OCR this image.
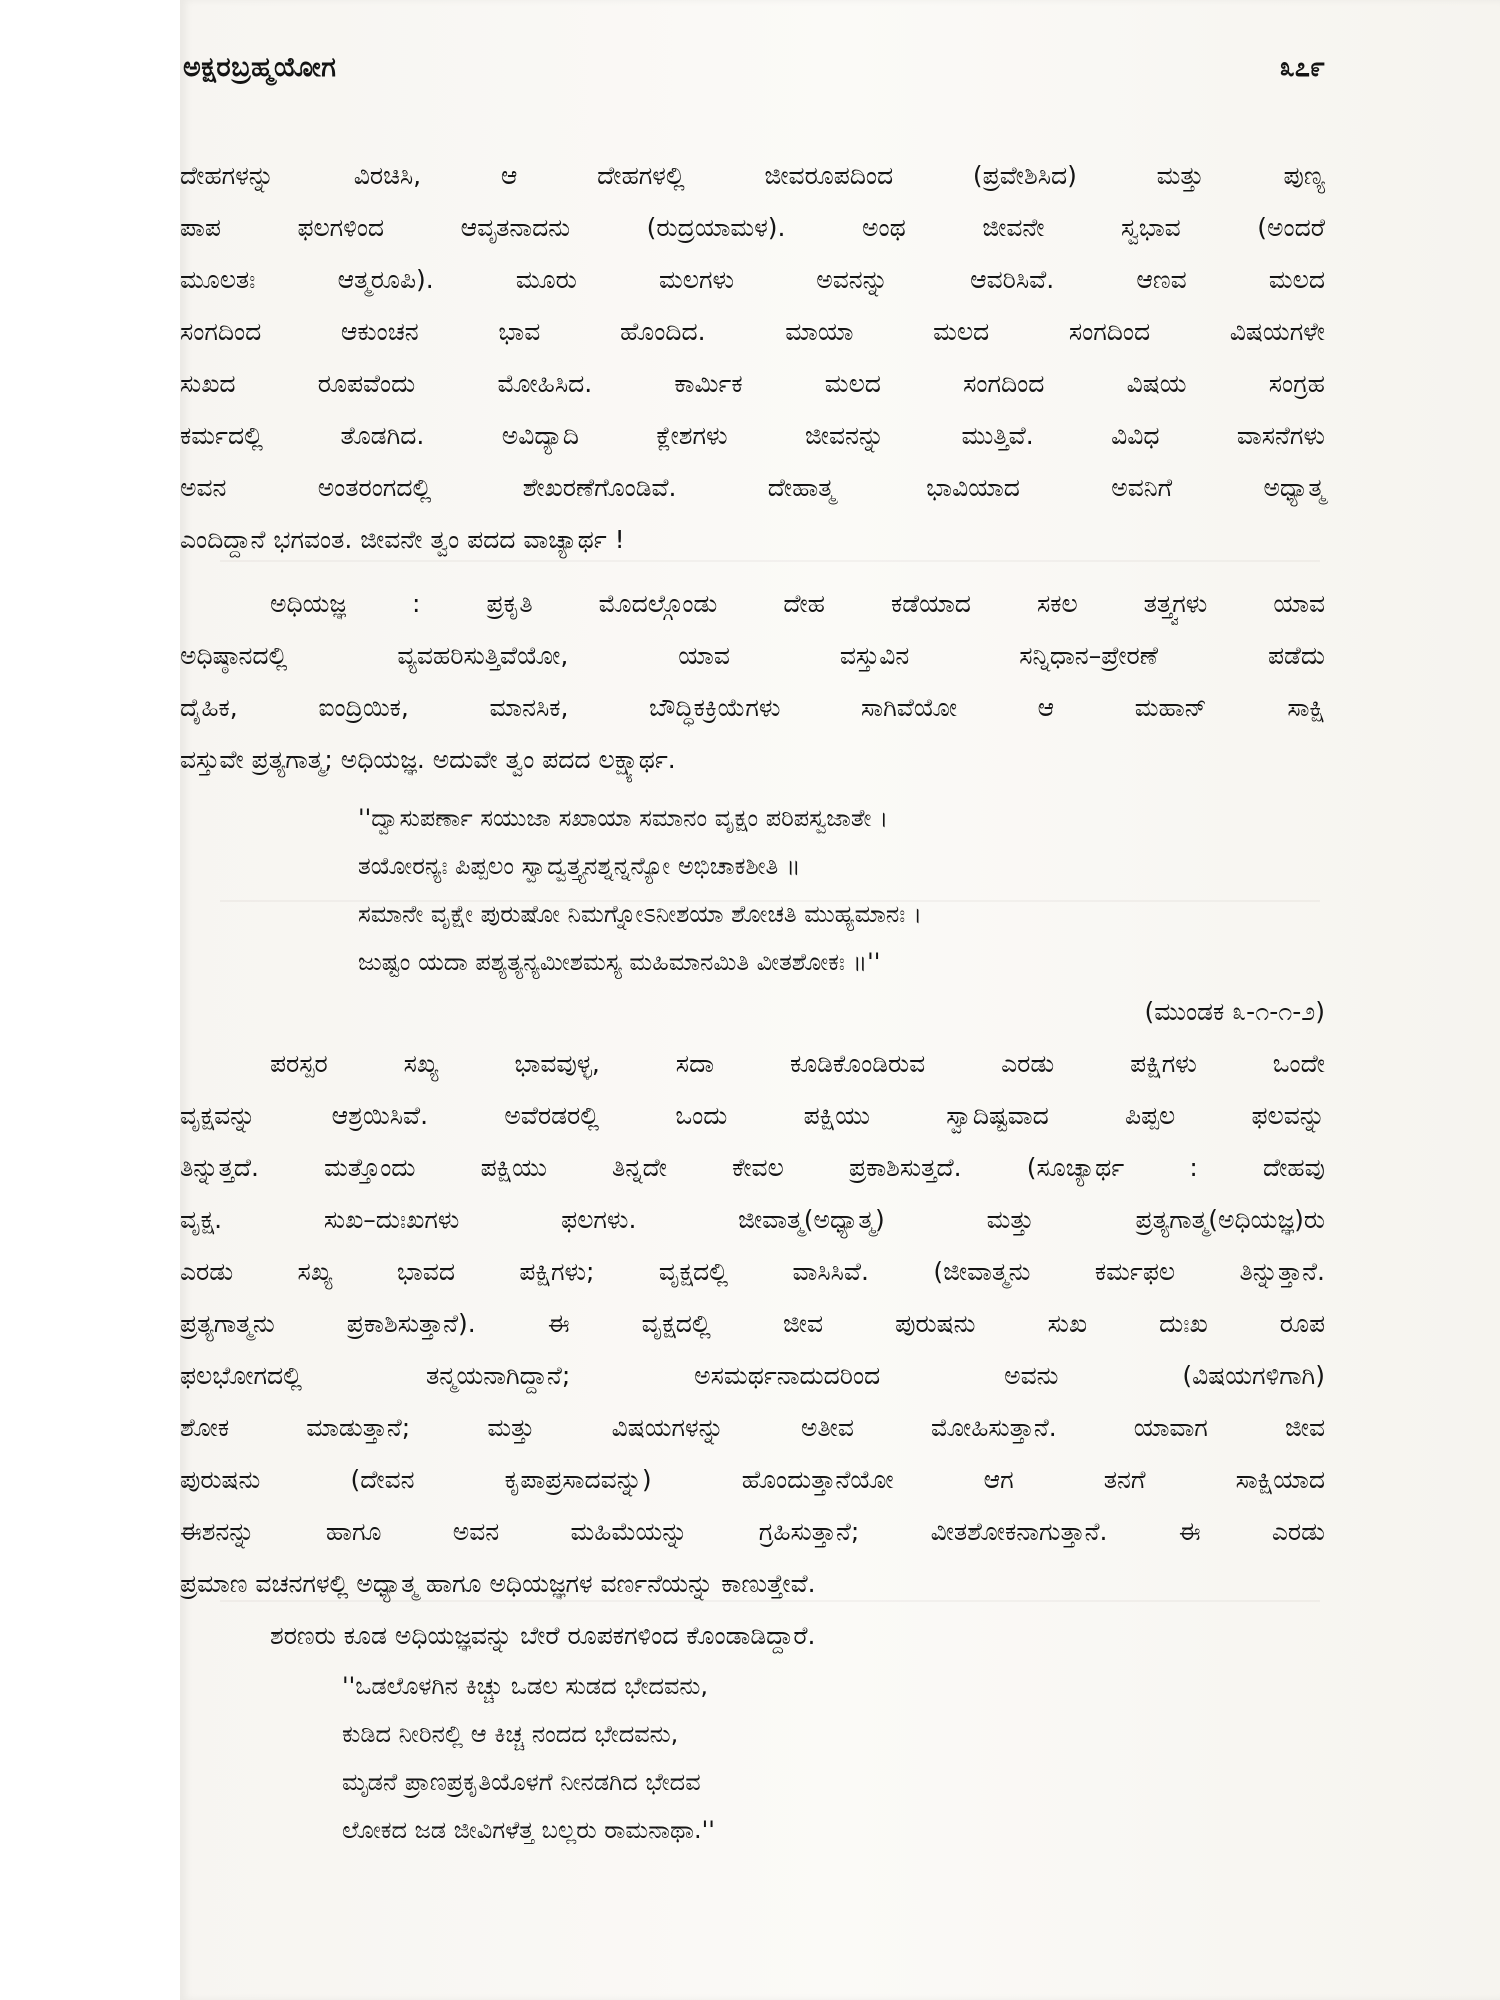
ಅಕ್ಷರಬ್ರಹ್ಮಯೋಗ	೩೭೯
ದೇಹಗಳನ್ನು ವಿರಚಿಸಿ, ಆ ದೇಹಗಳಲ್ಲಿ ಜೀವರೂಪದಿಂದ (ಪ್ರವೇಶಿಸಿದ) ಮತ್ತು ಪುಣ್ಯ
ಪಾಪ ಫಲಗಳಿಂದ ಆವೃತನಾದನು (ರುದ್ರಯಾಮಳ). ಅಂಥ ಜೀವನೇ ಸ್ವಭಾವ (ಅಂದರೆ
ಮೂಲತಃ ಆತ್ಮರೂಪಿ). ಮೂರು ಮಲಗಳು ಅವನನ್ನು ಆವರಿಸಿವೆ. ಆಣವ ಮಲದ
ಸಂಗದಿಂದ ಆಕುಂಚನ ಭಾವ ಹೊಂದಿದ. ಮಾಯಾ ಮಲದ ಸಂಗದಿಂದ ವಿಷಯಗಳೇ
ಸುಖದ ರೂಪವೆಂದು ಮೋಹಿಸಿದ. ಕಾರ್ಮಿಕ ಮಲದ ಸಂಗದಿಂದ ವಿಷಯ ಸಂಗ್ರಹ
ಕರ್ಮದಲ್ಲಿ ತೊಡಗಿದ. ಅವಿದ್ಯಾದಿ ಕ್ಲೇಶಗಳು ಜೀವನನ್ನು ಮುತ್ತಿವೆ. ವಿವಿಧ ವಾಸನೆಗಳು
ಅವನ ಅಂತರಂಗದಲ್ಲಿ ಶೇಖರಣೆಗೊಂಡಿವೆ. ದೇಹಾತ್ಮ ಭಾವಿಯಾದ ಅವನಿಗೆ ಅಧ್ಯಾತ್ಮ
ಎಂದಿದ್ದಾನೆ ಭಗವಂತ. ಜೀವನೇ ತ್ವಂ ಪದದ ವಾಚ್ಯಾರ್ಥ !
ಅಧಿಯಜ್ಞ : ಪ್ರಕೃತಿ ಮೊದಲ್ಗೊಂಡು ದೇಹ ಕಡೆಯಾದ ಸಕಲ ತತ್ತ್ವಗಳು ಯಾವ
ಅಧಿಷ್ಠಾನದಲ್ಲಿ ವ್ಯವಹರಿಸುತ್ತಿವೆಯೋ, ಯಾವ ವಸ್ತುವಿನ ಸನ್ನಿಧಾನ–ಪ್ರೇರಣೆ ಪಡೆದು
ದೈಹಿಕ, ಐಂದ್ರಿಯಿಕ, ಮಾನಸಿಕ, ಬೌದ್ಧಿಕಕ್ರಿಯೆಗಳು ಸಾಗಿವೆಯೋ ಆ ಮಹಾನ್ ಸಾಕ್ಷಿ
ವಸ್ತುವೇ ಪ್ರತ್ಯಗಾತ್ಮ; ಅಧಿಯಜ್ಞ. ಅದುವೇ ತ್ವಂ ಪದದ ಲಕ್ಷ್ಯಾರ್ಥ.
''ದ್ವಾಸುಪರ್ಣಾ ಸಯುಜಾ ಸಖಾಯಾ ಸಮಾನಂ ವೃಕ್ಷಂ ಪರಿಪಸ್ವಜಾತೇ ।
ತಯೋರನ್ಯಃ ಪಿಪ್ಪಲಂ ಸ್ವಾದ್ವತ್ತ್ಯನಶ್ನನ್ನನ್ಯೋ ಅಭಿಚಾಕಶೀತಿ ॥
ಸಮಾನೇ ವೃಕ್ಷೇ ಪುರುಷೋ ನಿಮಗ್ನೋಽನೀಶಯಾ ಶೋಚತಿ ಮುಹ್ಯಮಾನಃ ।
ಜುಷ್ಟಂ ಯದಾ ಪಶ್ಯತ್ಯನ್ಯಮೀಶಮಸ್ಯ ಮಹಿಮಾನಮಿತಿ ವೀತಶೋಕಃ ॥''
(ಮುಂಡಕ ೩-೧-೧-೨)
ಪರಸ್ಪರ ಸಖ್ಯ ಭಾವವುಳ್ಳ, ಸದಾ ಕೂಡಿಕೊಂಡಿರುವ ಎರಡು ಪಕ್ಷಿಗಳು ಒಂದೇ
ವೃಕ್ಷವನ್ನು ಆಶ್ರಯಿಸಿವೆ. ಅವೆರಡರಲ್ಲಿ ಒಂದು ಪಕ್ಷಿಯು ಸ್ವಾದಿಷ್ಟವಾದ ಪಿಪ್ಪಲ ಫಲವನ್ನು
ತಿನ್ನುತ್ತದೆ. ಮತ್ತೊಂದು ಪಕ್ಷಿಯು ತಿನ್ನದೇ ಕೇವಲ ಪ್ರಕಾಶಿಸುತ್ತದೆ. (ಸೂಚ್ಯಾರ್ಥ : ದೇಹವು
ವೃಕ್ಷ. ಸುಖ–ದುಃಖಗಳು ಫಲಗಳು. ಜೀವಾತ್ಮ(ಅಧ್ಯಾತ್ಮ) ಮತ್ತು ಪ್ರತ್ಯಗಾತ್ಮ(ಅಧಿಯಜ್ಞ)ರು
ಎರಡು ಸಖ್ಯ ಭಾವದ ಪಕ್ಷಿಗಳು; ವೃಕ್ಷದಲ್ಲಿ ವಾಸಿಸಿವೆ. (ಜೀವಾತ್ಮನು ಕರ್ಮಫಲ ತಿನ್ನುತ್ತಾನೆ.
ಪ್ರತ್ಯಗಾತ್ಮನು ಪ್ರಕಾಶಿಸುತ್ತಾನೆ). ಈ ವೃಕ್ಷದಲ್ಲಿ ಜೀವ ಪುರುಷನು ಸುಖ ದುಃಖ ರೂಪ
ಫಲಭೋಗದಲ್ಲಿ ತನ್ಮಯನಾಗಿದ್ದಾನೆ; ಅಸಮರ್ಥನಾದುದರಿಂದ ಅವನು (ವಿಷಯಗಳಿಗಾಗಿ)
ಶೋಕ ಮಾಡುತ್ತಾನೆ; ಮತ್ತು ವಿಷಯಗಳನ್ನು ಅತೀವ ಮೋಹಿಸುತ್ತಾನೆ. ಯಾವಾಗ ಜೀವ
ಪುರುಷನು (ದೇವನ ಕೃಪಾಪ್ರಸಾದವನ್ನು) ಹೊಂದುತ್ತಾನೆಯೋ ಆಗ ತನಗೆ ಸಾಕ್ಷಿಯಾದ
ಈಶನನ್ನು ಹಾಗೂ ಅವನ ಮಹಿಮೆಯನ್ನು ಗ್ರಹಿಸುತ್ತಾನೆ; ವೀತಶೋಕನಾಗುತ್ತಾನೆ. ಈ ಎರಡು
ಪ್ರಮಾಣ ವಚನಗಳಲ್ಲಿ ಅಧ್ಯಾತ್ಮ ಹಾಗೂ ಅಧಿಯಜ್ಞಗಳ ವರ್ಣನೆಯನ್ನು ಕಾಣುತ್ತೇವೆ.
ಶರಣರು ಕೂಡ ಅಧಿಯಜ್ಞವನ್ನು ಬೇರೆ ರೂಪಕಗಳಿಂದ ಕೊಂಡಾಡಿದ್ದಾರೆ.
''ಒಡಲೊಳಗಿನ ಕಿಚ್ಚು ಒಡಲ ಸುಡದ ಭೇದವನು,
ಕುಡಿದ ನೀರಿನಲ್ಲಿ ಆ ಕಿಚ್ಚ ನಂದದ ಭೇದವನು,
ಮೃಡನೆ ಪ್ರಾಣಪ್ರಕೃತಿಯೊಳಗೆ ನೀನಡಗಿದ ಭೇದವ
ಲೋಕದ ಜಡ ಜೀವಿಗಳೆತ್ತ ಬಲ್ಲರು ರಾಮನಾಥಾ.''
